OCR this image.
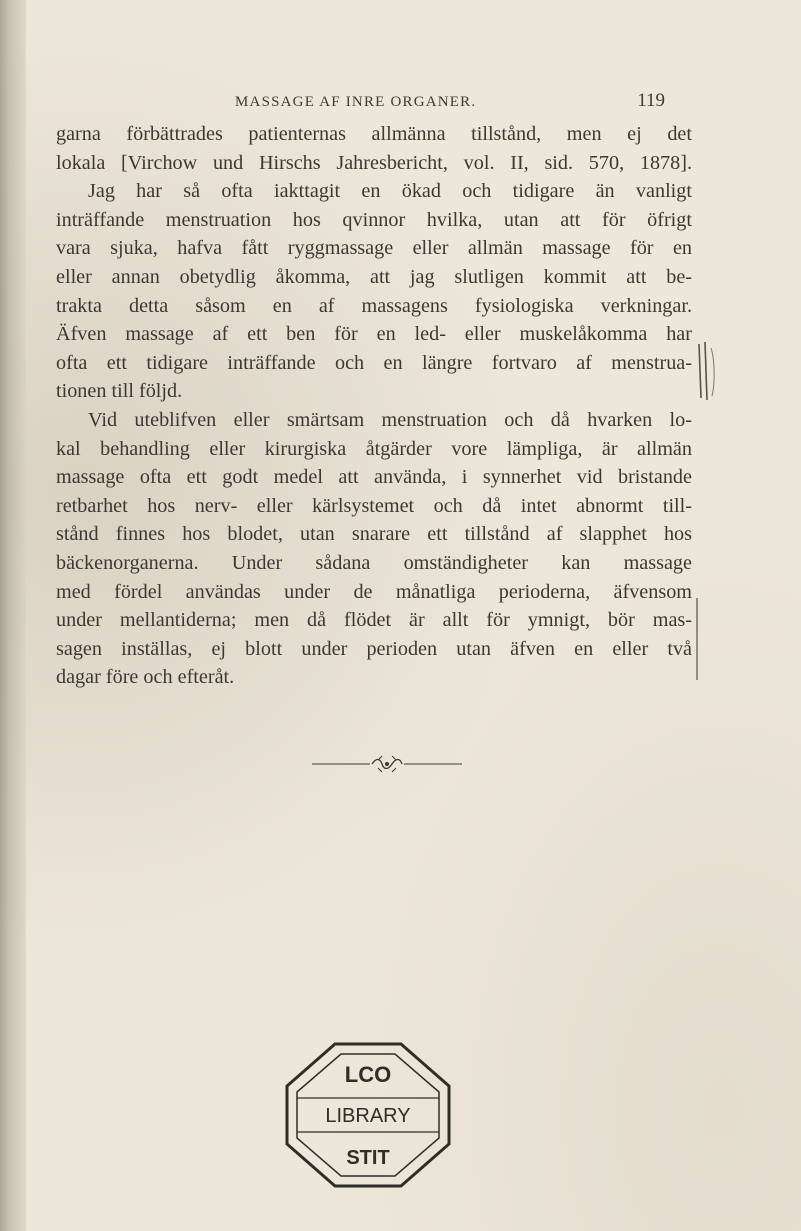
MASSAGE AF INRE ORGANER.	119
garna förbättrades patienternas allmänna tillstånd, men ej det
lokala [Virchow und Hirschs Jahresbericht, vol. II, sid. 570, 1878].
Jag har så ofta iakttagit en ökad och tidigare än vanligt
inträffande menstruation hos qvinnor hvilka, utan att för öfrigt
vara sjuka, hafva fått ryggmassage eller allmän massage för en
eller annan obetydlig åkomma, att jag slutligen kommit att be-
trakta detta såsom en af massagens fysiologiska verkningar.
Äfven massage af ett ben för en led- eller muskelåkomma har
ofta ett tidigare inträffande och en längre fortvaro af menstrua-
tionen till följd.
Vid uteblifven eller smärtsam menstruation och då hvarken lo-
kal behandling eller kirurgiska åtgärder vore lämpliga, är allmän
massage ofta ett godt medel att använda, i synnerhet vid bristande
retbarhet hos nerv- eller kärlsystemet och då intet abnormt till-
stånd finnes hos blodet, utan snarare ett tillstånd af slapphet hos
bäckenorganerna. Under sådana omständigheter kan massage
med fördel användas under de månatliga perioderna, äfvensom
under mellantiderna; men då flödet är allt för ymnigt, bör mas-
sagen inställas, ej blott under perioden utan äfven en eller två
dagar före och efteråt.
LCO
LIBRARY
STIT
